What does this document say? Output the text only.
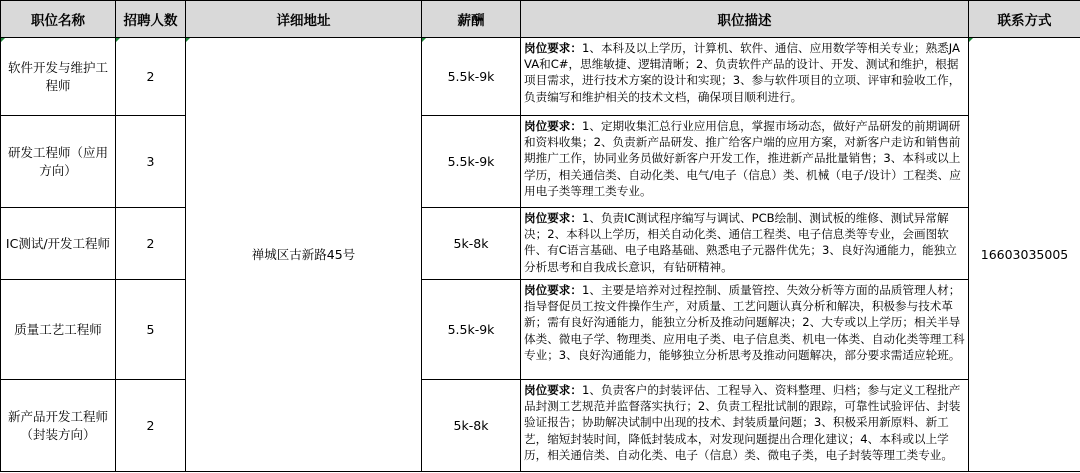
职位名称	招聘人数	详细地址	薪酬	职位描述	联系方式
软件开发与维护工程师	2	禅城区古新路45号	5.5k-9k	岗位要求：1、本科及以上学历，计算机、软件、通信、应用数学等相关专业；熟悉JAVA和C#，思维敏捷、逻辑清晰；2、负责软件产品的设计、开发、测试和维护，根据项目需求，进行技术方案的设计和实现；3、参与软件项目的立项、评审和验收工作，负责编写和维护相关的技术文档，确保项目顺利进行。	16603035005
研发工程师（应用方向）	3		5.5k-9k	岗位要求：1、定期收集汇总行业应用信息，掌握市场动态，做好产品研发的前期调研和资料收集；2、负责新产品研发、推广给客户端的应用方案，对新客户走访和销售前期推广工作，协同业务员做好新客户开发工作，推进新产品批量销售；3、本科或以上学历，相关通信类、自动化类、电气/电子（信息）类、机械（电子/设计）工程类、应用电子类等理工类专业。	
IC测试/开发工程师	2		5k-8k	岗位要求：1、负责IC测试程序编写与调试、PCB绘制、测试板的维修、测试异常解决；2、本科以上学历，相关自动化类、通信工程类、电子信息类等专业，会画图软件、有C语言基础、电子电路基础、熟悉电子元器件优先；3、良好沟通能力，能独立分析思考和自我成长意识，有钻研精神。	
质量工艺工程师	5		5.5k-9k	岗位要求：1、主要是培养对过程控制、质量管控、失效分析等方面的品质管理人材；指导督促员工按文件操作生产，对质量、工艺问题认真分析和解决，积极参与技术革新；需有良好沟通能力，能独立分析及推动问题解决；2、大专或以上学历；相关半导体类、微电子学、物理类、应用电子类、电子信息类、机电一体类、自动化类等理工科专业；3、良好沟通能力，能够独立分析思考及推动问题解决，部分要求需适应轮班。	
新产品开发工程师（封装方向）	2		5k-8k	岗位要求：1、负责客户的封装评估、工程导入、资料整理、归档；参与定义工程批产品封测工艺规范并监督落实执行；2、负责工程批试制的跟踪，可靠性试验评估、封装验证报告；协助解决试制中出现的技术、封装质量问题；3、积极采用新原料、新工艺，缩短封装时间，降低封装成本，对发现问题提出合理化建议；4、本科或以上学历，相关通信类、自动化类、电子（信息）类、微电子类，电子封装等理工类专业。	
